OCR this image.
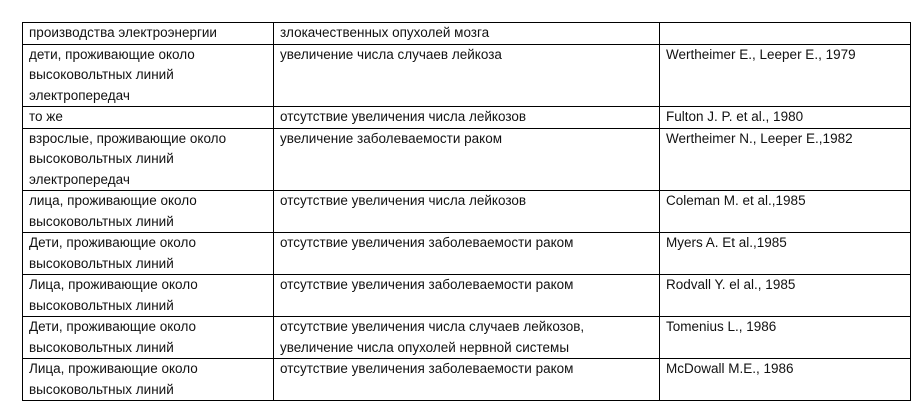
производства электроэнергии	злокачественных опухолей мозга	
дети, проживающие около
высоковольтных линий
электропередач	увеличение числа случаев лейкоза	Wertheimer E., Leeper E., 1979
то же	отсутствие увеличения числа лейкозов	Fulton J. P. et al., 1980
взрослые, проживающие около
высоковольтных линий
электропередач	увеличение заболеваемости раком	Wertheimer N., Leeper E.,1982
лица, проживающие около
высоковольтных линий	отсутствие увеличения числа лейкозов	Coleman M. et al.,1985
Дети, проживающие около
высоковольтных линий	отсутствие увеличения заболеваемости раком	Myers A. Et al.,1985
Лица, проживающие около
высоковольтных линий	отсутствие увеличения заболеваемости раком	Rodvall Y. el al., 1985
Дети, проживающие около
высоковольтных линий	отсутствие увеличения числа случаев лейкозов,
увеличение числа опухолей нервной системы	Tomenius L., 1986
Лица, проживающие около
высоковольтных линий	отсутствие увеличения заболеваемости раком	McDowall M.E., 1986
